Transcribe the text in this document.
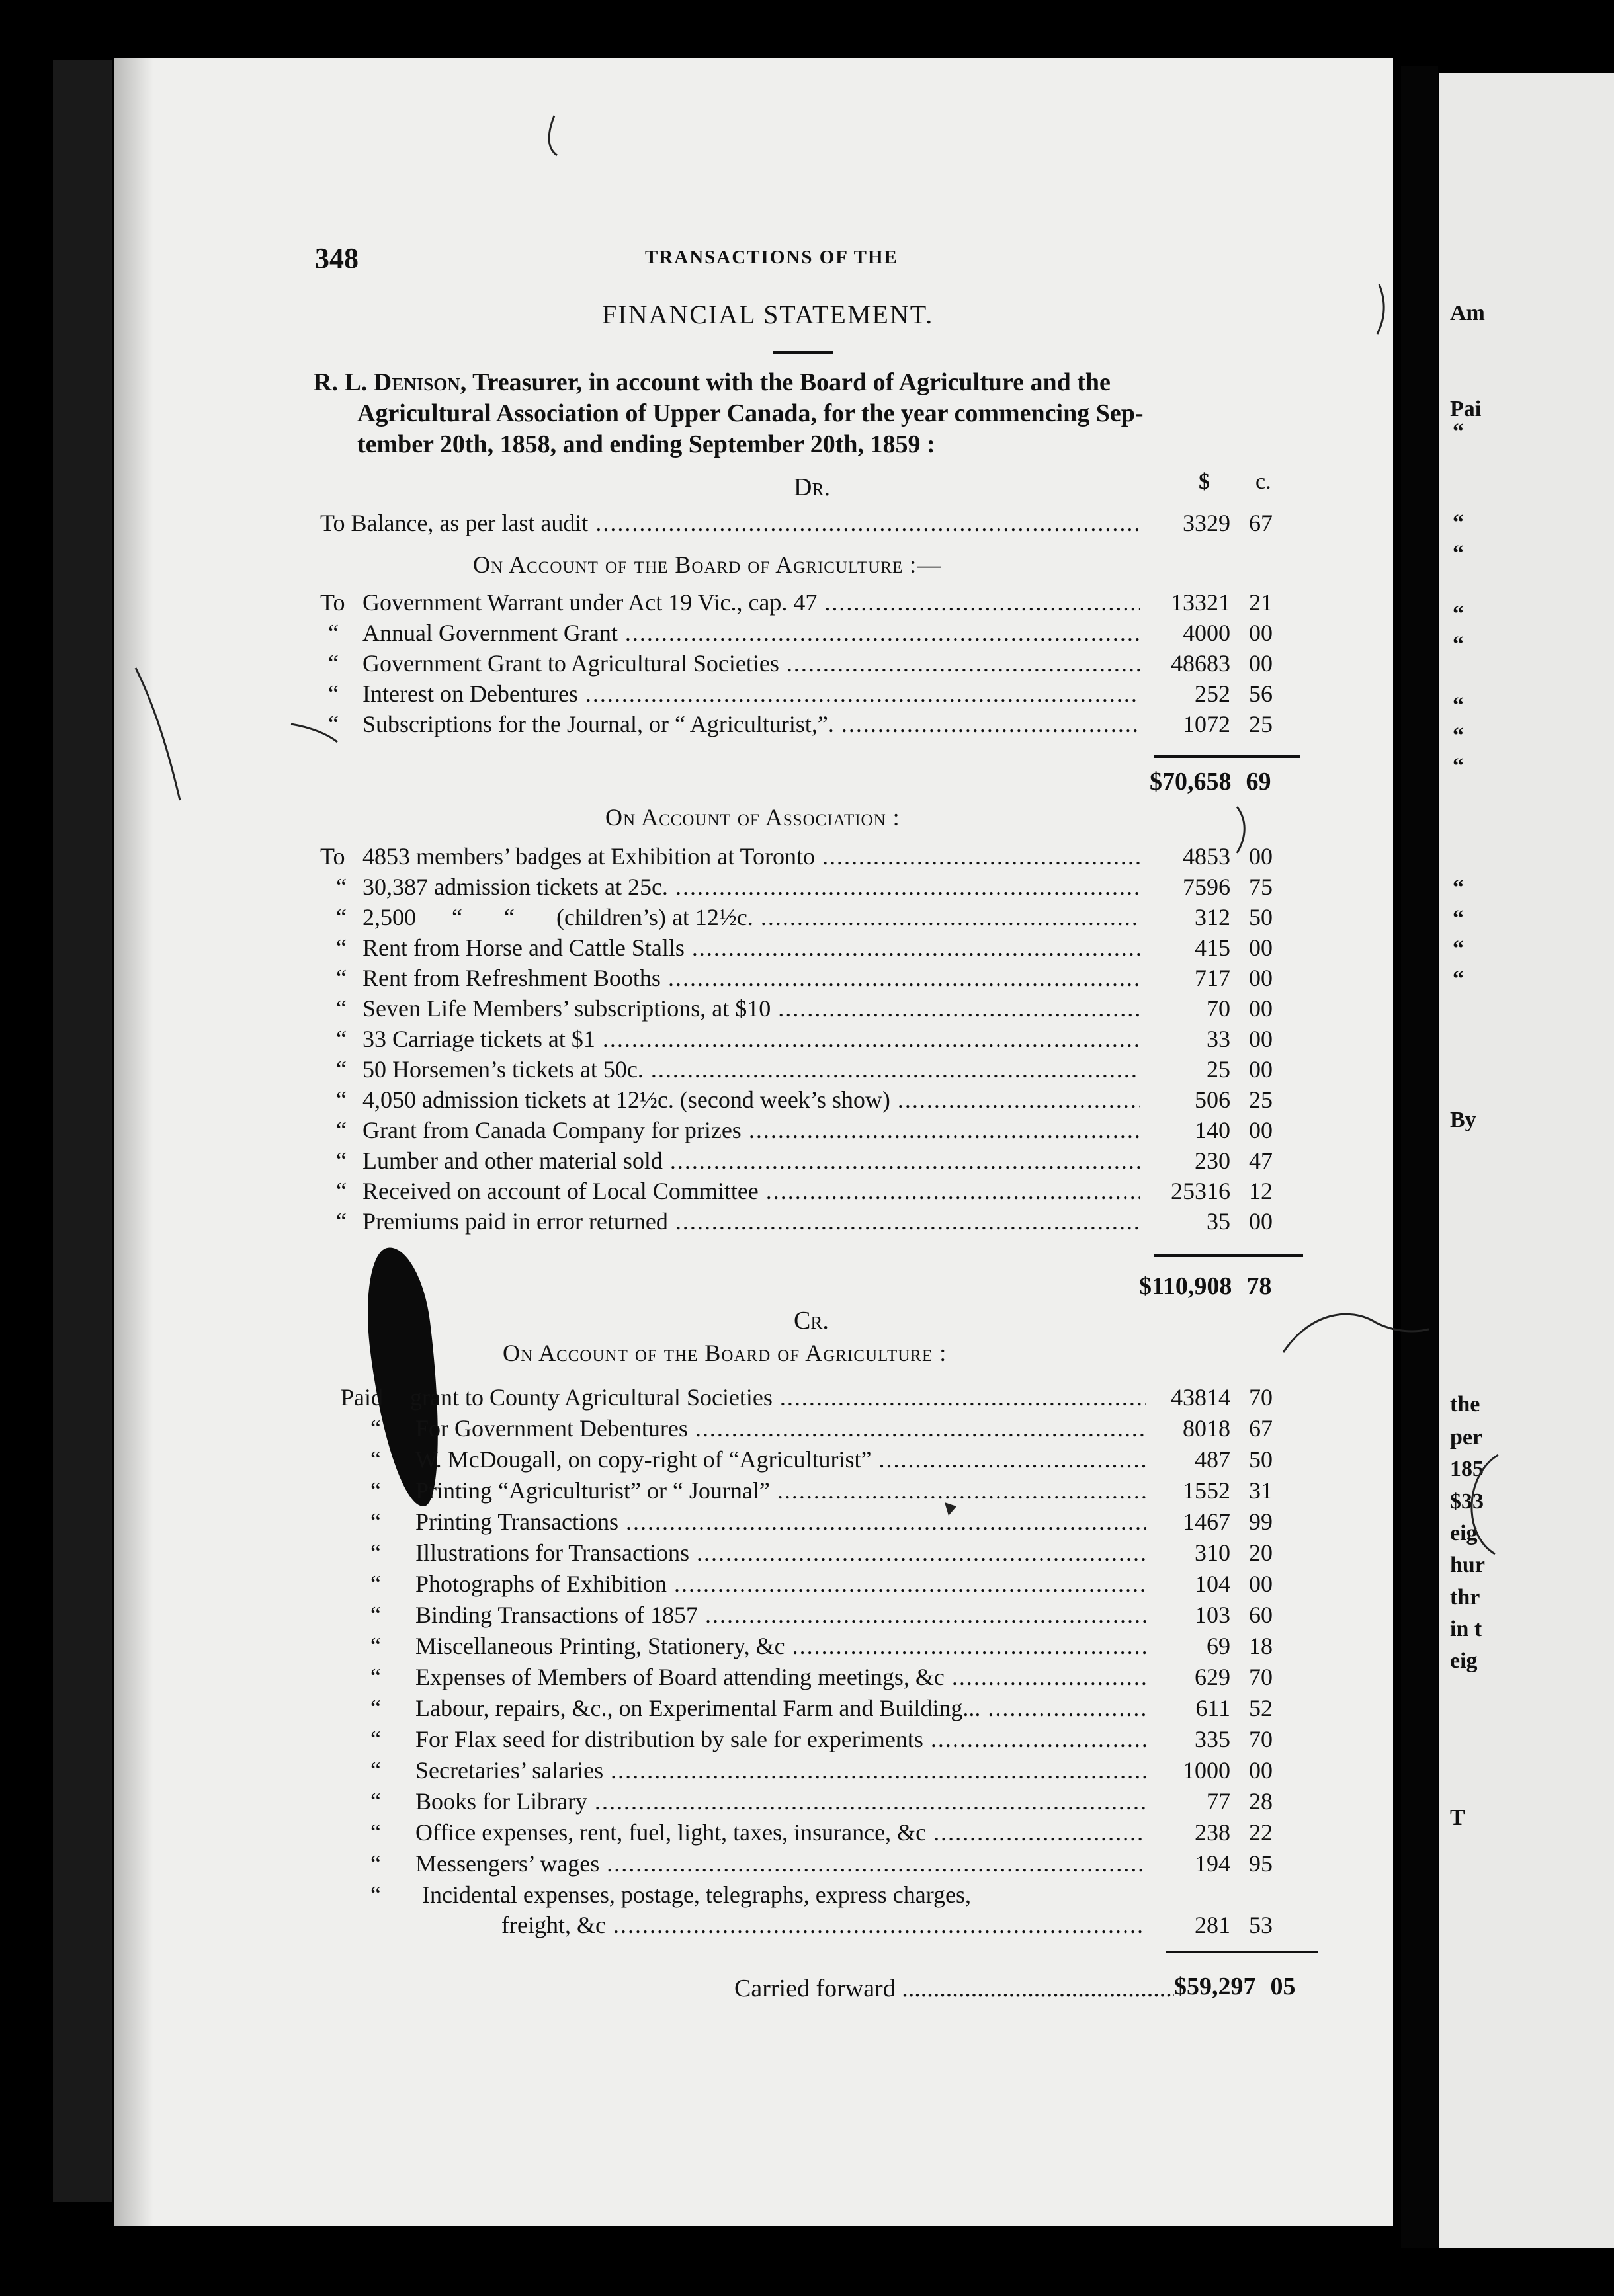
Am
Pai
By
the
per
185
$33
eig
hur
thr
in t
eig
T
“

“
“

“
“

“
“
“

“
“
“
“
348	TRANSACTIONS OF THE
FINANCIAL STATEMENT.
R. L. Denison, Treasurer, in account with the Board of Agriculture and the
Agricultural Association of Upper Canada, for the year commencing Sep-
tember 20th, 1858, and ending September 20th, 1859 :
Dr.	$ c.
To Balance, as per last audit .....	3329 67
On Account of the Board of Agriculture :—
To Government Warrant under Act 19 Vic., cap. 47 .....	13321 21
“	Annual Government Grant .....	4000 00
“	Government Grant to Agricultural Societies .....	48683 00
“	Interest on Debentures .....	252 56
“	Subscriptions for the Journal, or “ Agriculturist,”. .....	1072 25
$70,658 69
On Account of Association :
To 4853 members’ badges at Exhibition at Toronto .....	4853 00
“ 30,387 admission tickets at 25c. .....	7596 75
“ 2,500      “       “       (children’s) at 12½c. .....	312 50
“ Rent from Horse and Cattle Stalls .....	415 00
“ Rent from Refreshment Booths .....	717 00
“ Seven Life Members’ subscriptions, at $10 .....	70 00
“ 33 Carriage tickets at $1 .....	33 00
“ 50 Horsemen’s tickets at 50c. .....	25 00
“ 4,050 admission tickets at 12½c. (second week’s show) .....	506 25
“ Grant from Canada Company for prizes .....	140 00
“ Lumber and other material sold .....	230 47
“ Received on account of Local Committee .....	25316 12
“ Premiums paid in error returned .....	35 00
$110,908 78
Cr.
On Account of the Board of Agriculture :
Paid	grant to County Agricultural Societies .....	43814 70
“	For Government Debentures .....	8018 67
“	W. McDougall, on copy-right of “Agriculturist” .....	487 50
“	Printing “Agriculturist” or “ Journal” .....	1552 31
“	Printing Transactions .....	1467 99
“	Illustrations for Transactions .....	310 20
“	Photographs of Exhibition .....	104 00
“	Binding Transactions of 1857 .....	103 60
“	Miscellaneous Printing, Stationery, &c .....	69 18
“	Expenses of Members of Board attending meetings, &c .....	629 70
“	Labour, repairs, &c., on Experimental Farm and Building... .....	611 52
“	For Flax seed for distribution by sale for experiments .....	335 70
“	Secretaries’ salaries .....	1000 00
“	Books for Library .....	77 28
“	Office expenses, rent, fuel, light, taxes, insurance, &c .....	238 22
“	Messengers’ wages .....	194 95
“	Incidental expenses, postage, telegraphs, express charges,
freight, &c .....	281 53
Carried forward .....	$59,297 05
